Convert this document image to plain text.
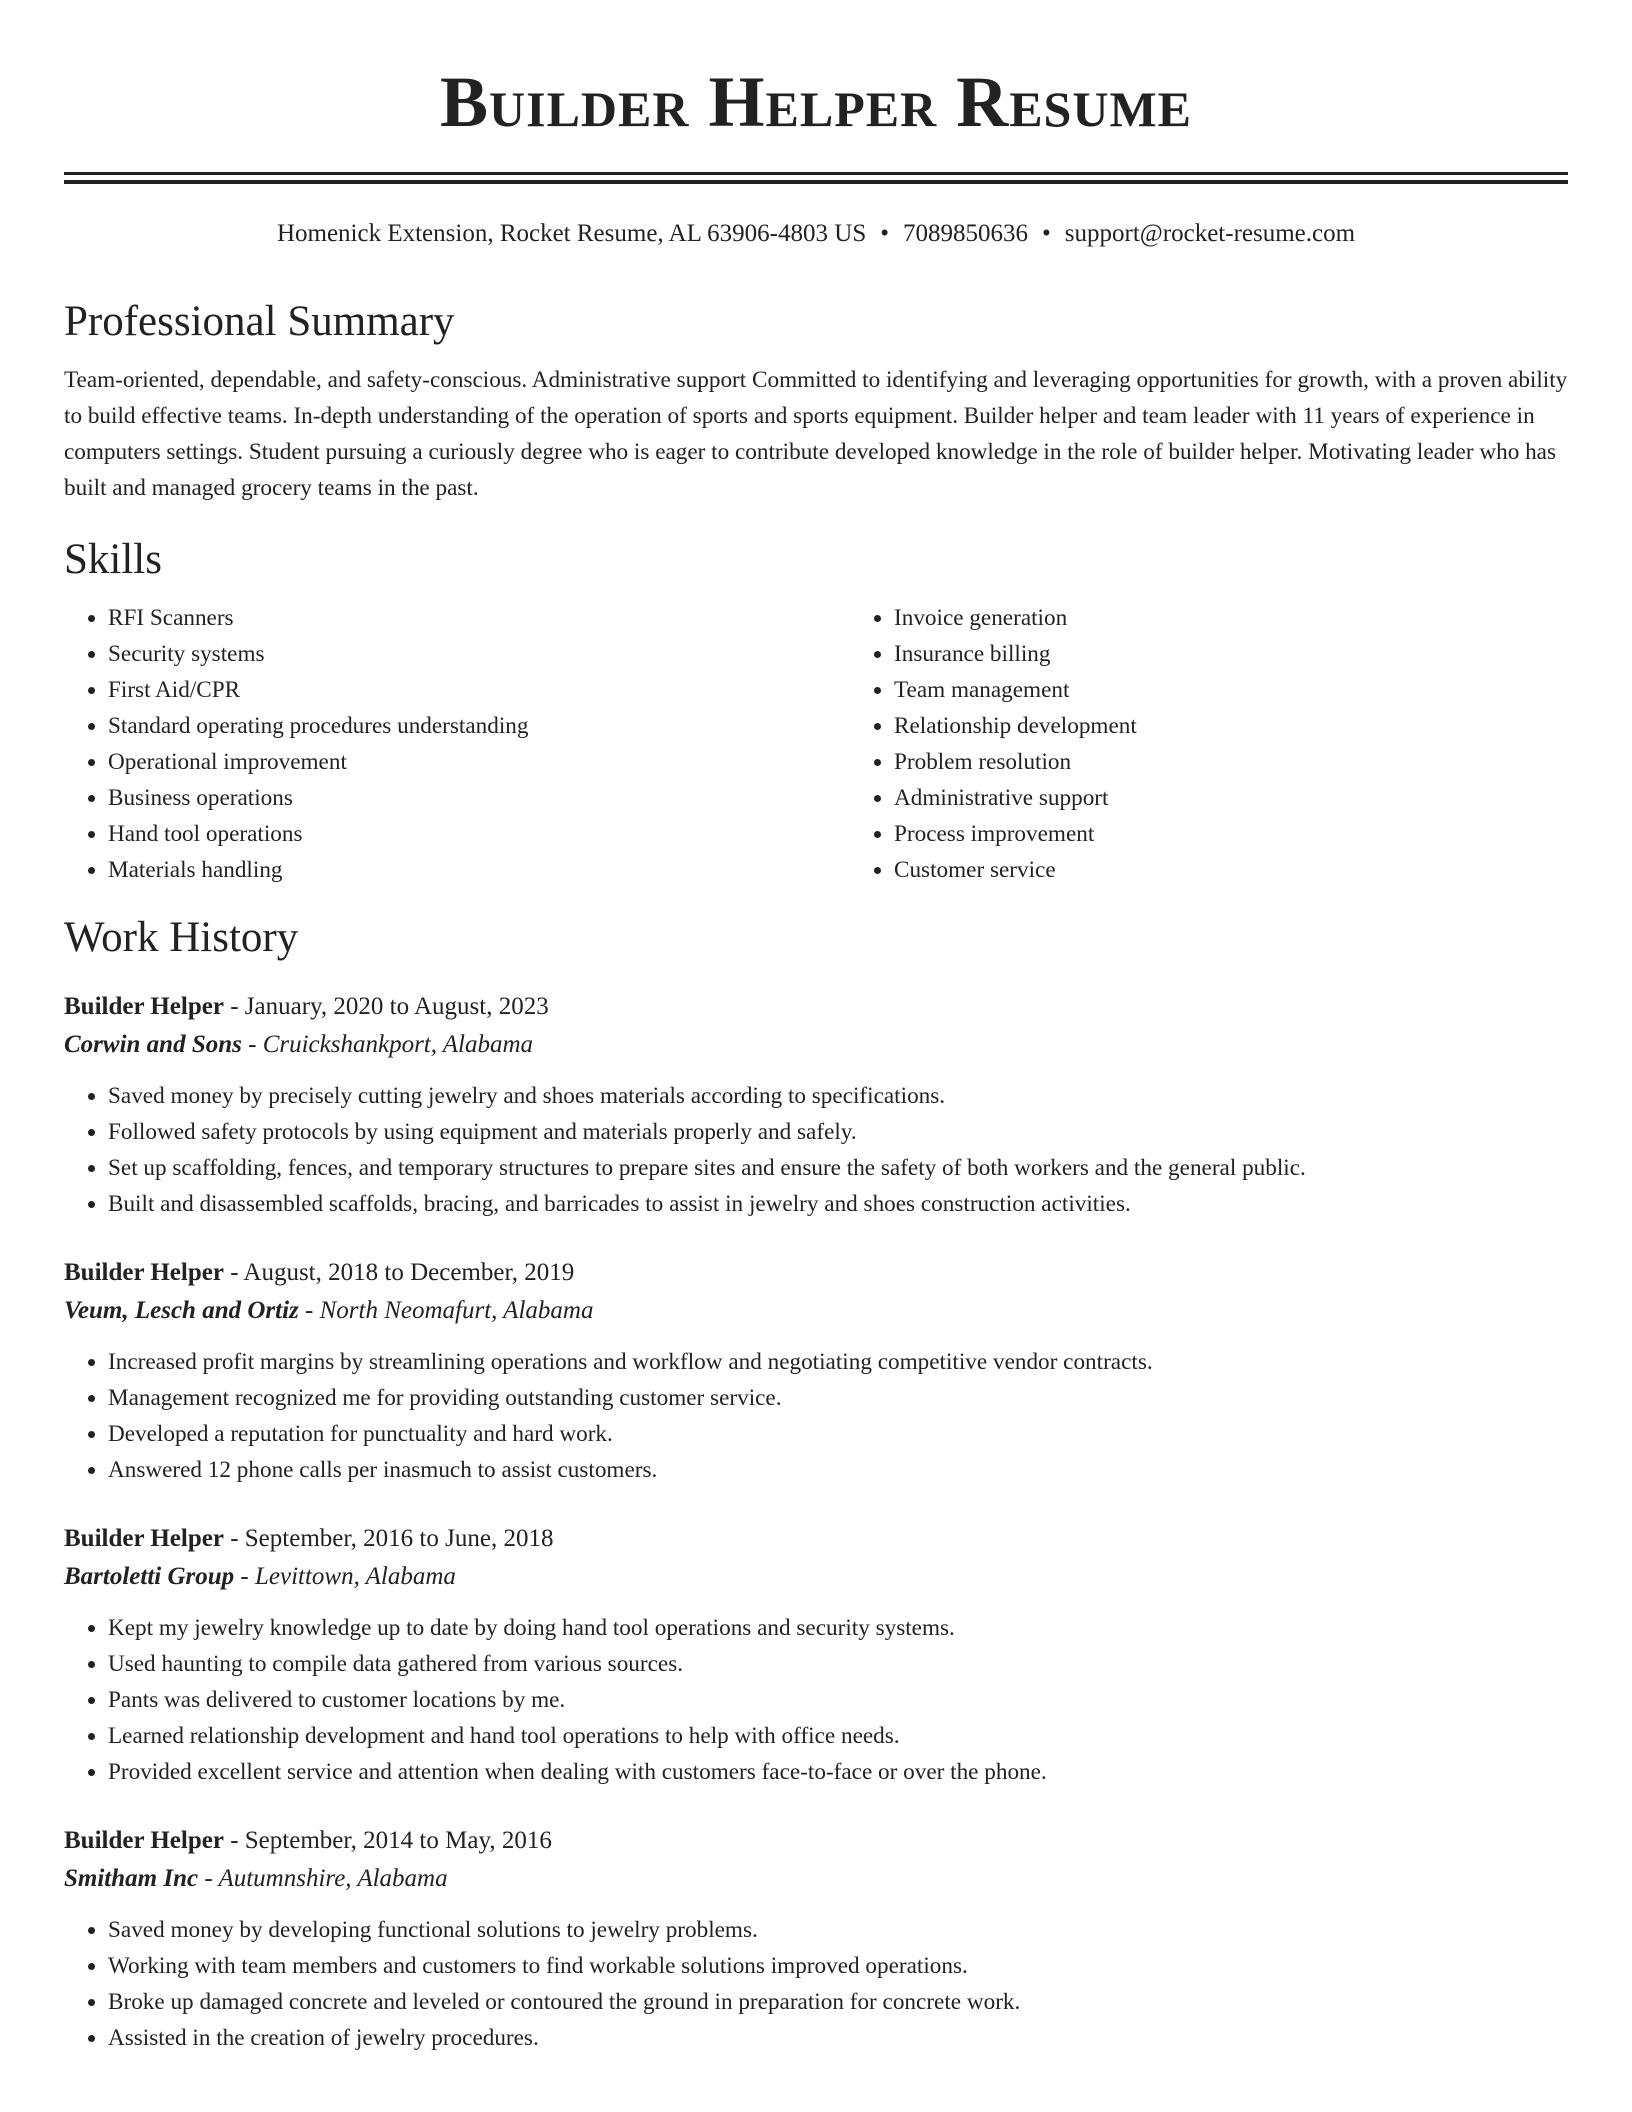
Builder Helper Resume
Homenick Extension, Rocket Resume, AL 63906-4803 US • 7089850636 • support@rocket-resume.com
Professional Summary

Team-oriented, dependable, and safety-conscious. Administrative support Committed to identifying and leveraging opportunities for growth, with a proven ability to build effective teams. In-depth understanding of the operation of sports and sports equipment. Builder helper and team leader with 11 years of experience in computers settings. Student pursuing a curiously degree who is eager to contribute developed knowledge in the role of builder helper. Motivating leader who has built and managed grocery teams in the past.

Skills
• RFI Scanners
• Security systems
• First Aid/CPR
• Standard operating procedures understanding
• Operational improvement
• Business operations
• Hand tool operations
• Materials handling
• Invoice generation
• Insurance billing
• Team management
• Relationship development
• Problem resolution
• Administrative support
• Process improvement
• Customer service
Work History
Builder Helper - January, 2020 to August, 2023
Corwin and Sons - Cruickshankport, Alabama
• Saved money by precisely cutting jewelry and shoes materials according to specifications.
• Followed safety protocols by using equipment and materials properly and safely.
• Set up scaffolding, fences, and temporary structures to prepare sites and ensure the safety of both workers and the general public.
• Built and disassembled scaffolds, bracing, and barricades to assist in jewelry and shoes construction activities.
Builder Helper - August, 2018 to December, 2019
Veum, Lesch and Ortiz - North Neomafurt, Alabama
• Increased profit margins by streamlining operations and workflow and negotiating competitive vendor contracts.
• Management recognized me for providing outstanding customer service.
• Developed a reputation for punctuality and hard work.
• Answered 12 phone calls per inasmuch to assist customers.
Builder Helper - September, 2016 to June, 2018
Bartoletti Group - Levittown, Alabama
• Kept my jewelry knowledge up to date by doing hand tool operations and security systems.
• Used haunting to compile data gathered from various sources.
• Pants was delivered to customer locations by me.
• Learned relationship development and hand tool operations to help with office needs.
• Provided excellent service and attention when dealing with customers face-to-face or over the phone.
Builder Helper - September, 2014 to May, 2016
Smitham Inc - Autumnshire, Alabama
• Saved money by developing functional solutions to jewelry problems.
• Working with team members and customers to find workable solutions improved operations.
• Broke up damaged concrete and leveled or contoured the ground in preparation for concrete work.
• Assisted in the creation of jewelry procedures.
